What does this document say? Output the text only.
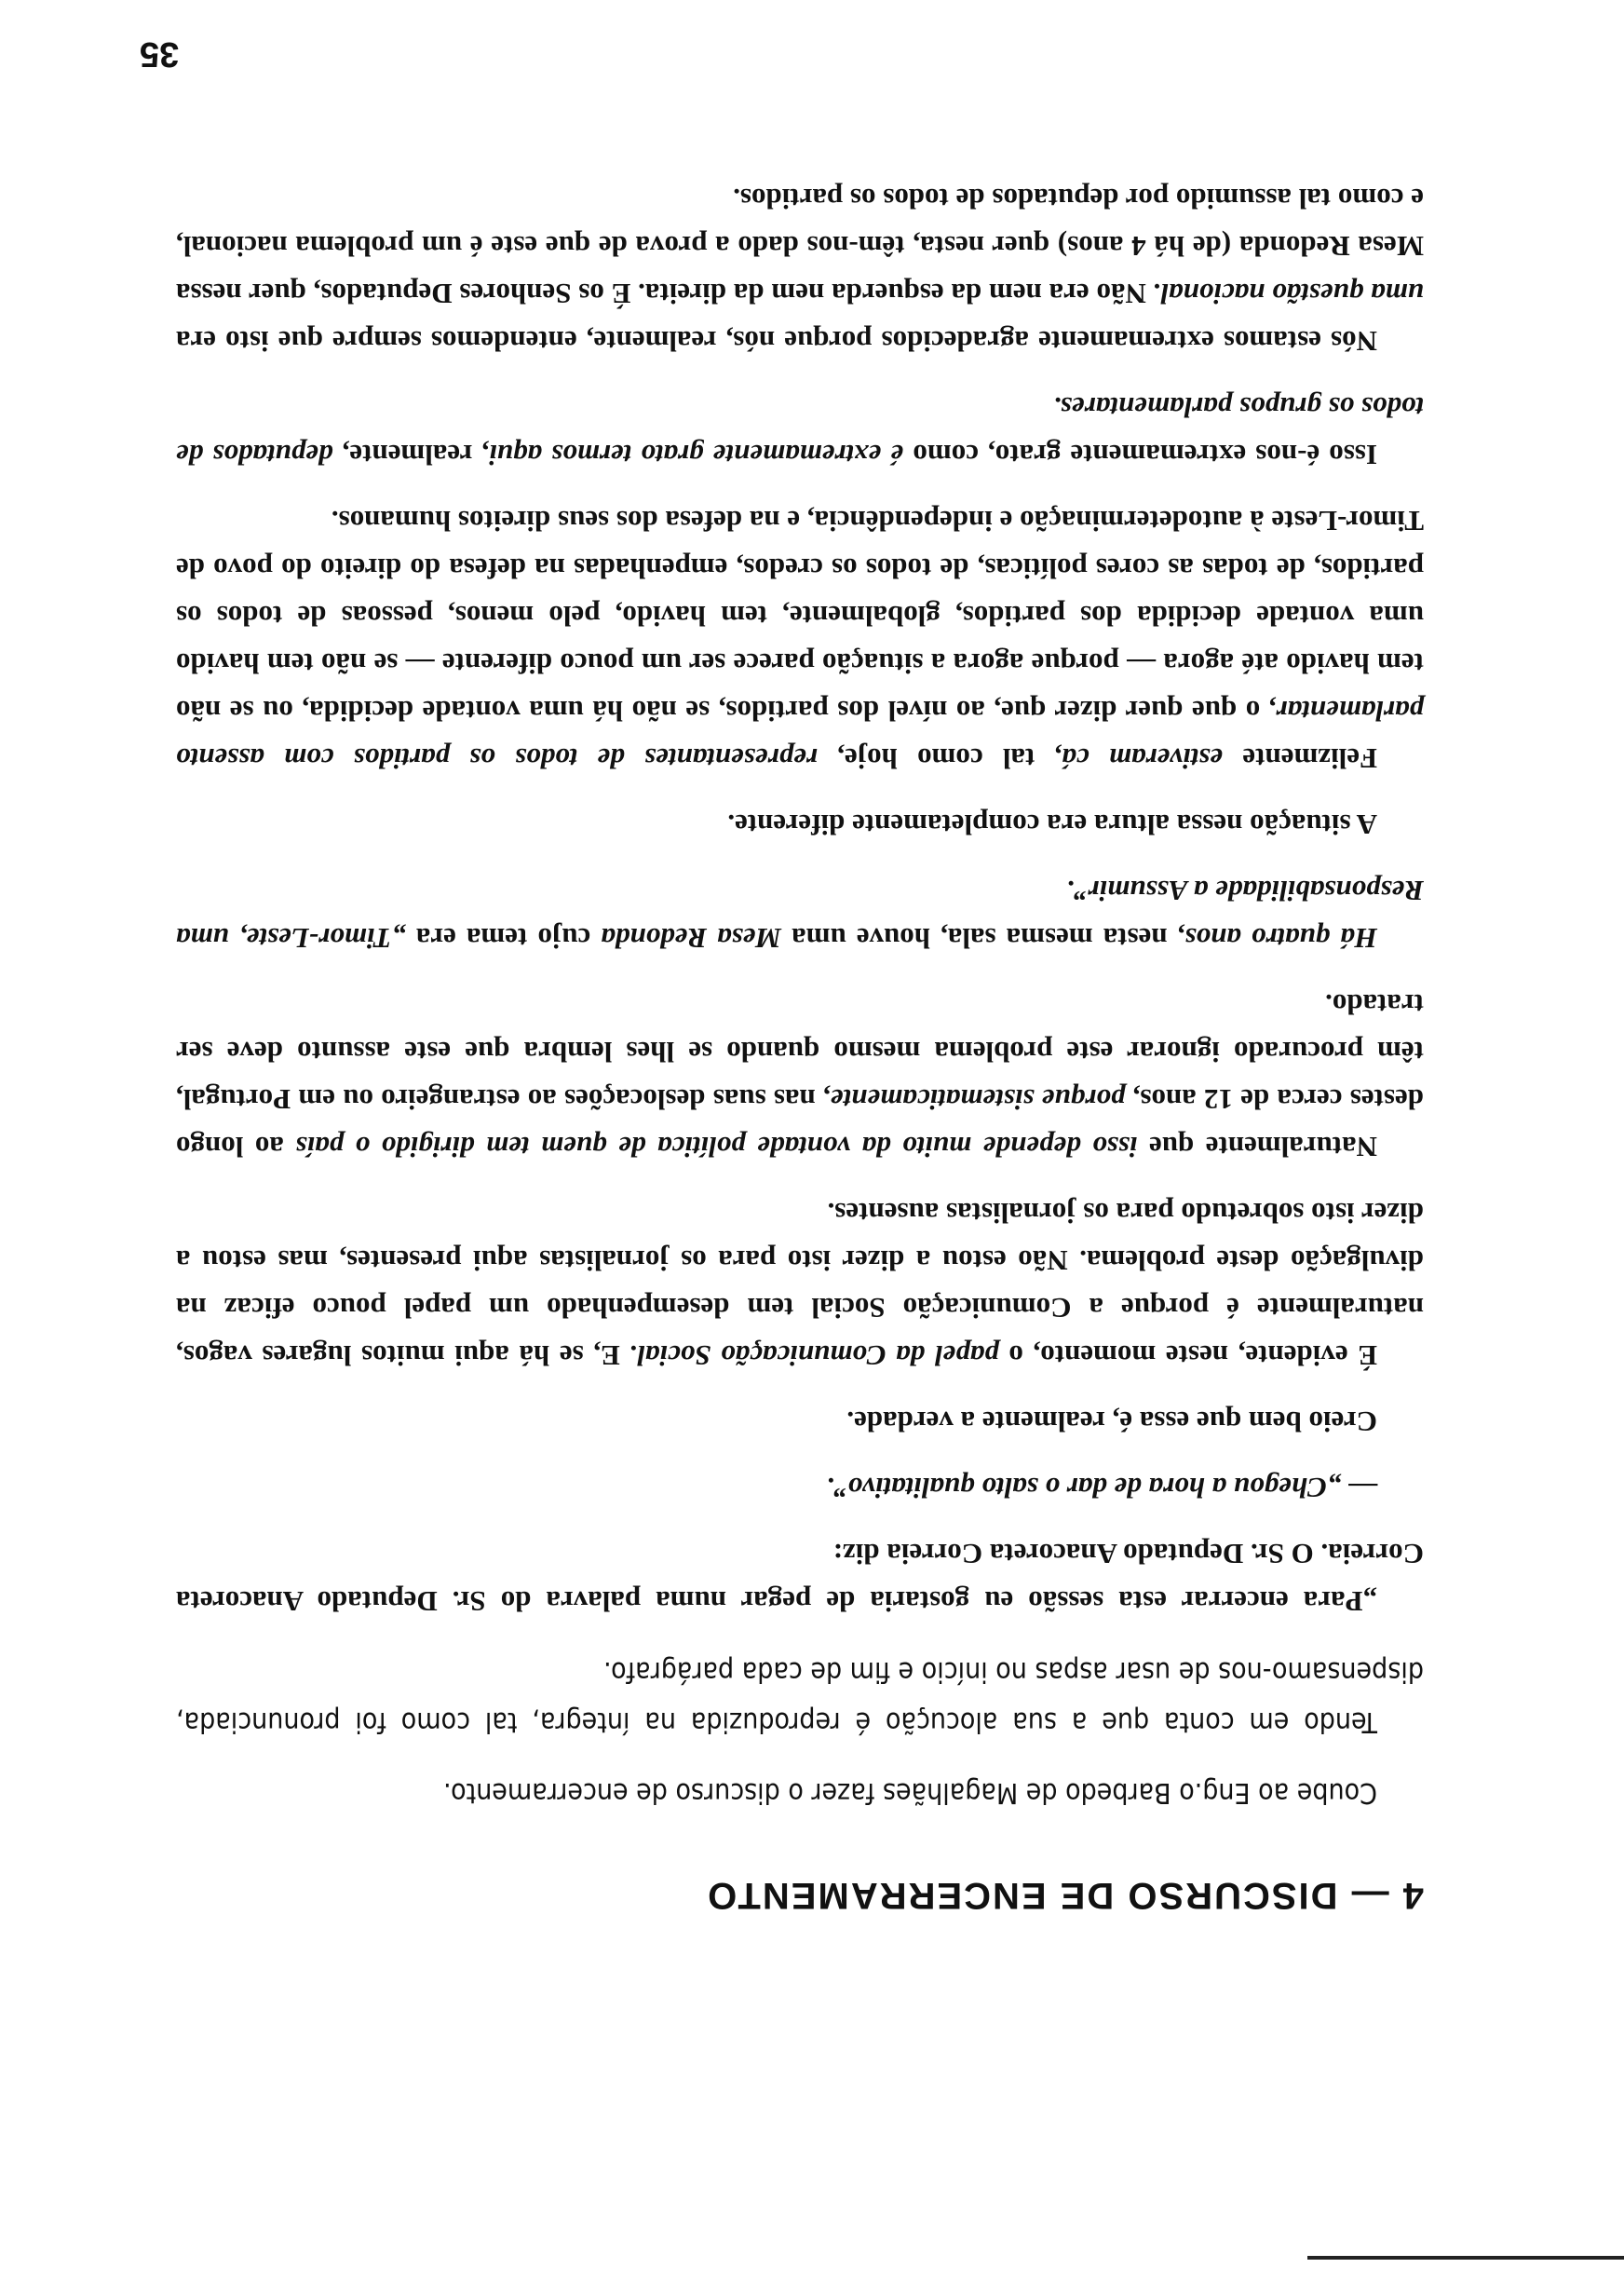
4 — DISCURSO DE ENCERRAMENTO

Coube ao Eng.o Barbedo de Magalhães fazer o discurso de encerramento.

Tendo em conta que a sua alocução é reproduzida na íntegra, tal como foi pronunciada, dispensamo-nos de usar aspas no início e fim de cada parágrafo.

„Para encerrar esta sessão eu gostaria de pegar numa palavra do Sr. Deputado Anacoreta Correia. O Sr. Deputado Anacoreta Correia diz:

— „Chegou a hora de dar o salto qualitativo”.

Creio bem que essa é, realmente a verdade.

É evidente, neste momento, o papel da Comunicação Social. E, se há aqui muitos lugares vagos, naturalmente é porque a Comunicação Social tem desempenhado um papel pouco eficaz na divulgação deste problema. Não estou a dizer isto para os jornalistas aqui presentes, mas estou a dizer isto sobretudo para os jornalistas ausentes.

Naturalmente que isso depende muito da vontade política de quem tem dirigido o país ao longo destes cerca de 12 anos, porque sistematicamente, nas suas deslocações ao estrangeiro ou em Portugal, têm procurado ignorar este problema mesmo quando se lhes lembra que este assunto deve ser tratado.

Há quatro anos, nesta mesma sala, houve uma Mesa Redonda cujo tema era „Timor-Leste, uma Responsabilidade a Assumir”.

A situação nessa altura era completamente diferente.

Felizmente estiveram cá, tal como hoje, representantes de todos os partidos com assento parlamentar, o que quer dizer que, ao nível dos partidos, se não há uma vontade decidida, ou se não tem havido até agora — porque agora a situação parece ser um pouco diferente — se não tem havido uma vontade decidida dos partidos, globalmente, tem havido, pelo menos, pessoas de todos os partidos, de todas as cores políticas, de todos os credos, empenhadas na defesa do direito do povo de Timor-Leste à autodeterminação e independência, e na defesa dos seus direitos humanos.

Isso é-nos extremamente grato, como é extremamente grato termos aqui, realmente, deputados de todos os grupos parlamentares.

Nós estamos extremamente agradecidos porque nós, realmente, entendemos sempre que isto era uma questão nacional. Não era nem da esquerda nem da direita. É os Senhores Deputados, quer nessa Mesa Redonda (de há 4 anos) quer nesta, têm-nos dado a prova de que este é um problema nacional, e como tal assumido por deputados de todos os partidos.

35
